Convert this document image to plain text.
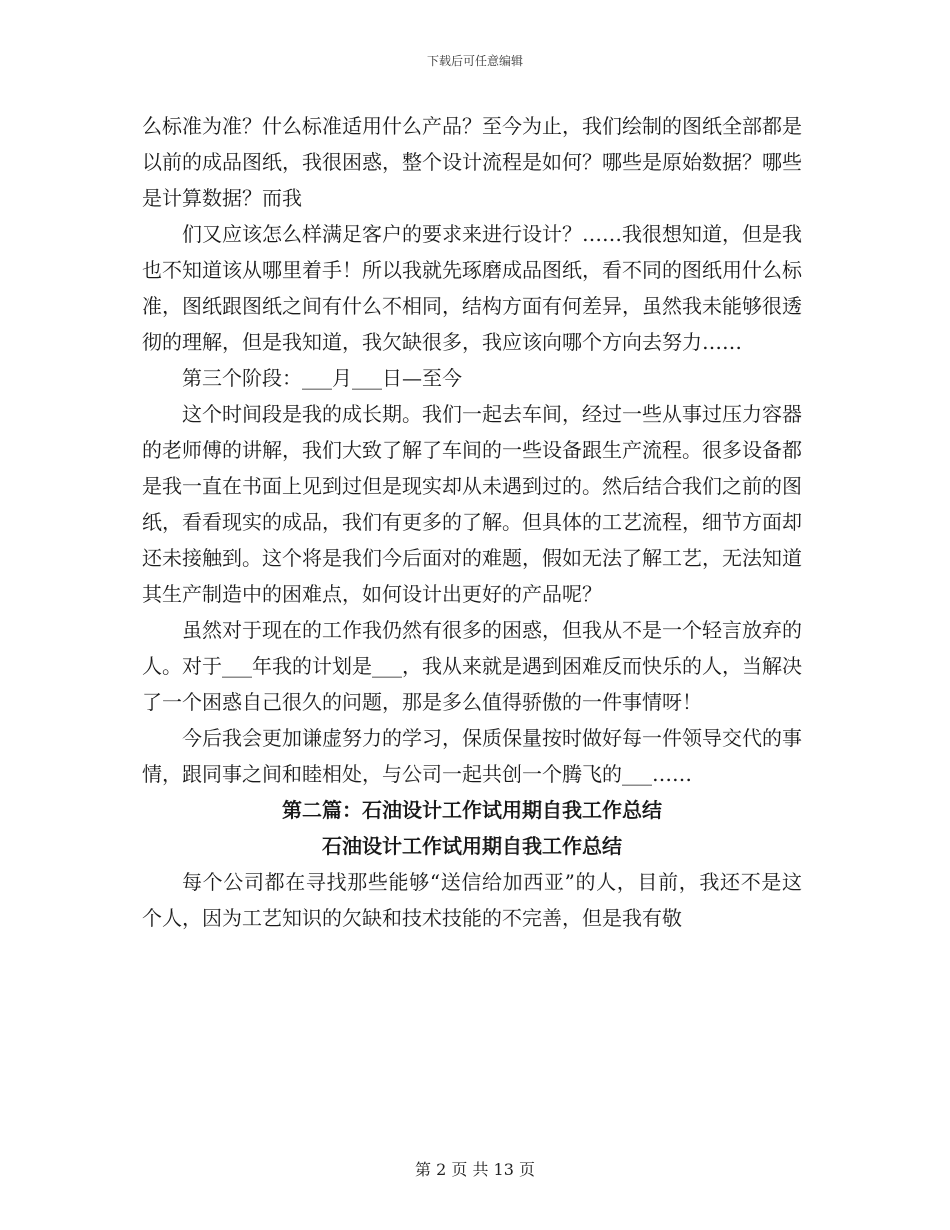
下载后可任意编辑

么标准为准？什么标准适用什么产品？至今为止，我们绘制的图纸全部都是以前的成品图纸，我很困惑，整个设计流程是如何？哪些是原始数据？哪些是计算数据？而我

们又应该怎么样满足客户的要求来进行设计？……我很想知道，但是我也不知道该从哪里着手！所以我就先琢磨成品图纸，看不同的图纸用什么标准，图纸跟图纸之间有什么不相同，结构方面有何差异，虽然我未能够很透彻的理解，但是我知道，我欠缺很多，我应该向哪个方向去努力……

第三个阶段：___月___日—至今

这个时间段是我的成长期。我们一起去车间，经过一些从事过压力容器的老师傅的讲解，我们大致了解了车间的一些设备跟生产流程。很多设备都是我一直在书面上见到过但是现实却从未遇到过的。然后结合我们之前的图纸，看看现实的成品，我们有更多的了解。但具体的工艺流程，细节方面却还未接触到。这个将是我们今后面对的难题，假如无法了解工艺，无法知道其生产制造中的困难点，如何设计出更好的产品呢？

虽然对于现在的工作我仍然有很多的困惑，但我从不是一个轻言放弃的人。对于___年我的计划是___，我从来就是遇到困难反而快乐的人，当解决了一个困惑自己很久的问题，那是多么值得骄傲的一件事情呀！

今后我会更加谦虚努力的学习，保质保量按时做好每一件领导交代的事情，跟同事之间和睦相处，与公司一起共创一个腾飞的___……

第二篇：石油设计工作试用期自我工作总结

石油设计工作试用期自我工作总结

每个公司都在寻找那些能够“送信给加西亚”的人，目前，我还不是这个人，因为工艺知识的欠缺和技术技能的不完善，但是我有敬

第 2 页 共 13 页
